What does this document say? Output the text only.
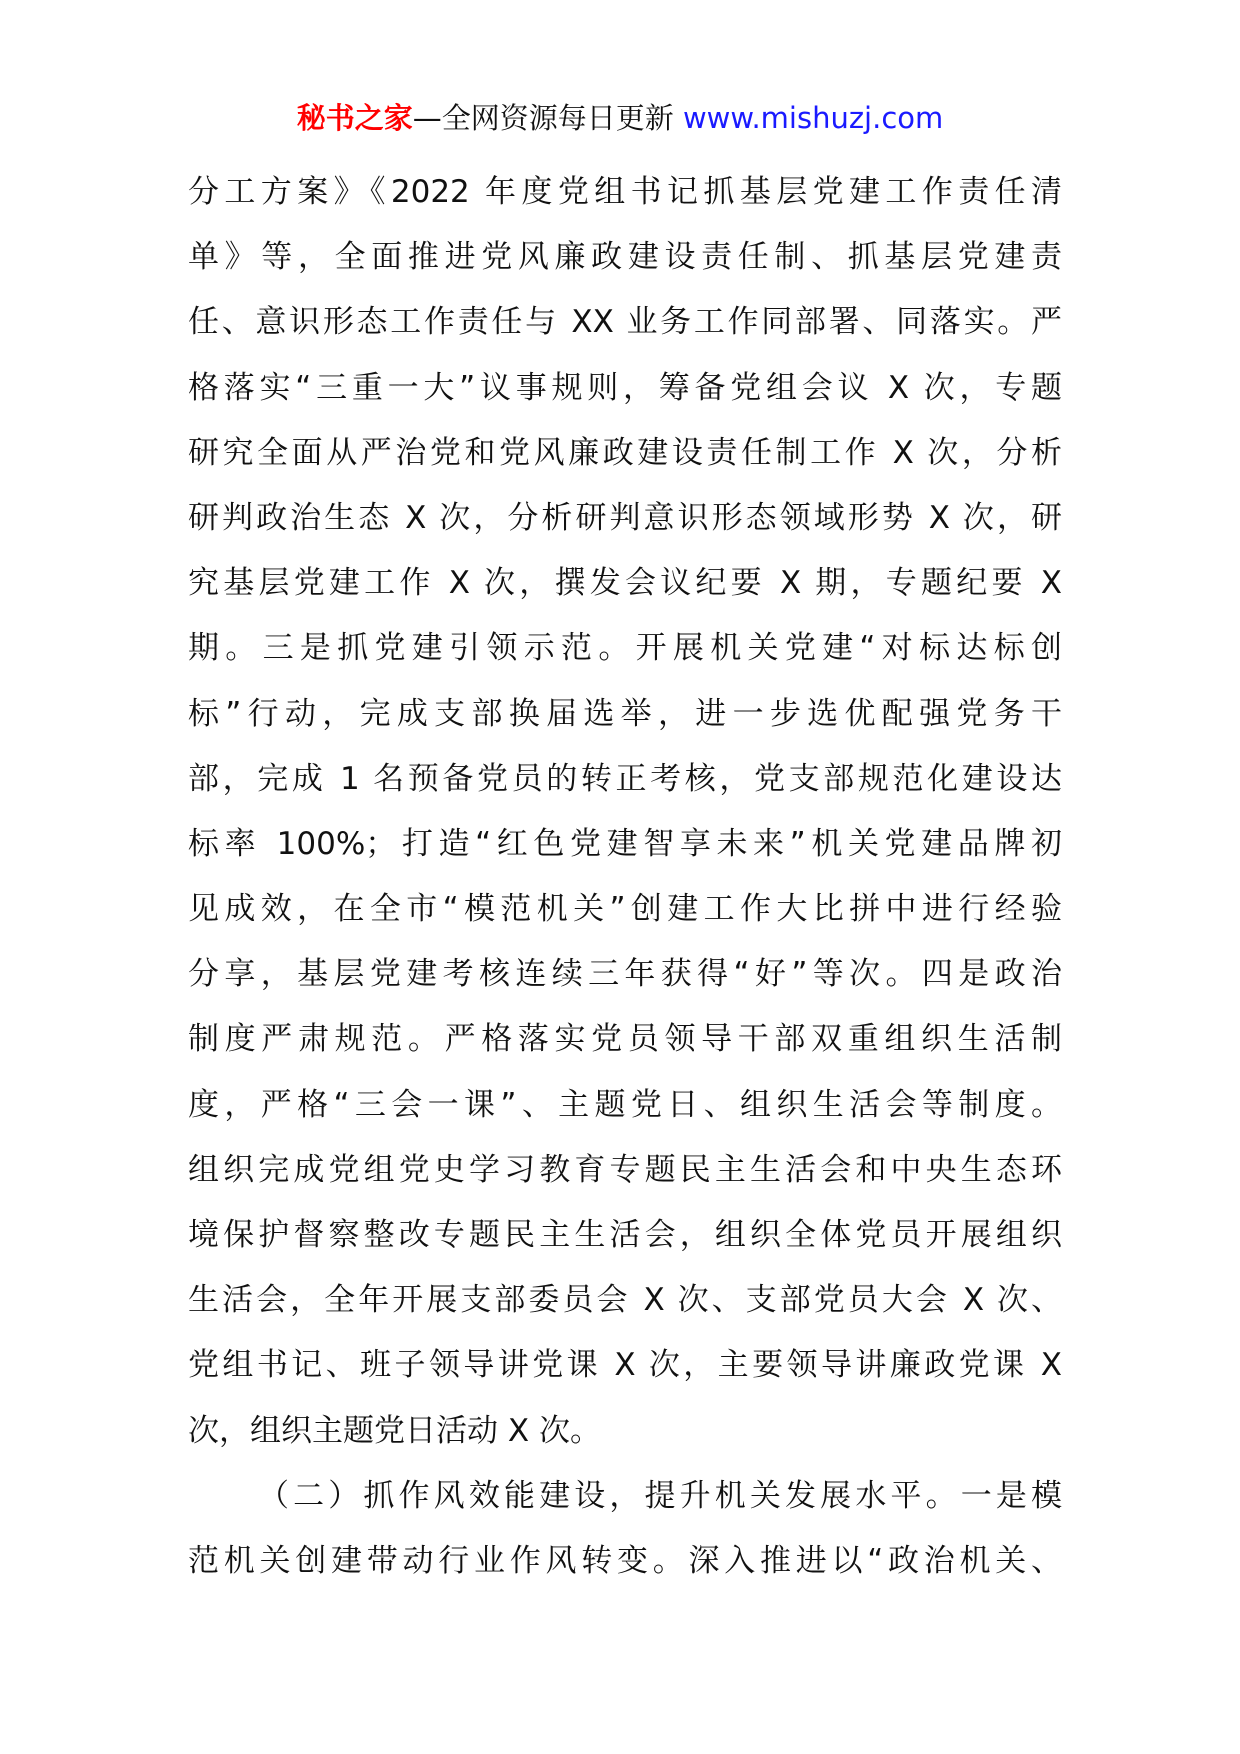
秘书之家—全网资源每日更新 www.mishuzj.com
分工方案》《2022 年度党组书记抓基层党建工作责任清
单》等，全面推进党风廉政建设责任制、抓基层党建责
任、意识形态工作责任与 XX 业务工作同部署、同落实。严
格落实“三重一大”议事规则，筹备党组会议 X 次，专题
研究全面从严治党和党风廉政建设责任制工作 X 次，分析
研判政治生态 X 次，分析研判意识形态领域形势 X 次，研
究基层党建工作 X 次，撰发会议纪要 X 期，专题纪要 X
期。三是抓党建引领示范。开展机关党建“对标达标创
标”行动，完成支部换届选举，进一步选优配强党务干
部，完成 1 名预备党员的转正考核，党支部规范化建设达
标率 100%；打造“红色党建智享未来”机关党建品牌初
见成效，在全市“模范机关”创建工作大比拼中进行经验
分享，基层党建考核连续三年获得“好”等次。四是政治
制度严肃规范。严格落实党员领导干部双重组织生活制
度，严格“三会一课”、主题党日、组织生活会等制度。
组织完成党组党史学习教育专题民主生活会和中央生态环
境保护督察整改专题民主生活会，组织全体党员开展组织
生活会，全年开展支部委员会 X 次、支部党员大会 X 次、
党组书记、班子领导讲党课 X 次，主要领导讲廉政党课 X
次，组织主题党日活动 X 次。
（二）抓作风效能建设，提升机关发展水平。一是模
范机关创建带动行业作风转变。深入推进以“政治机关、
